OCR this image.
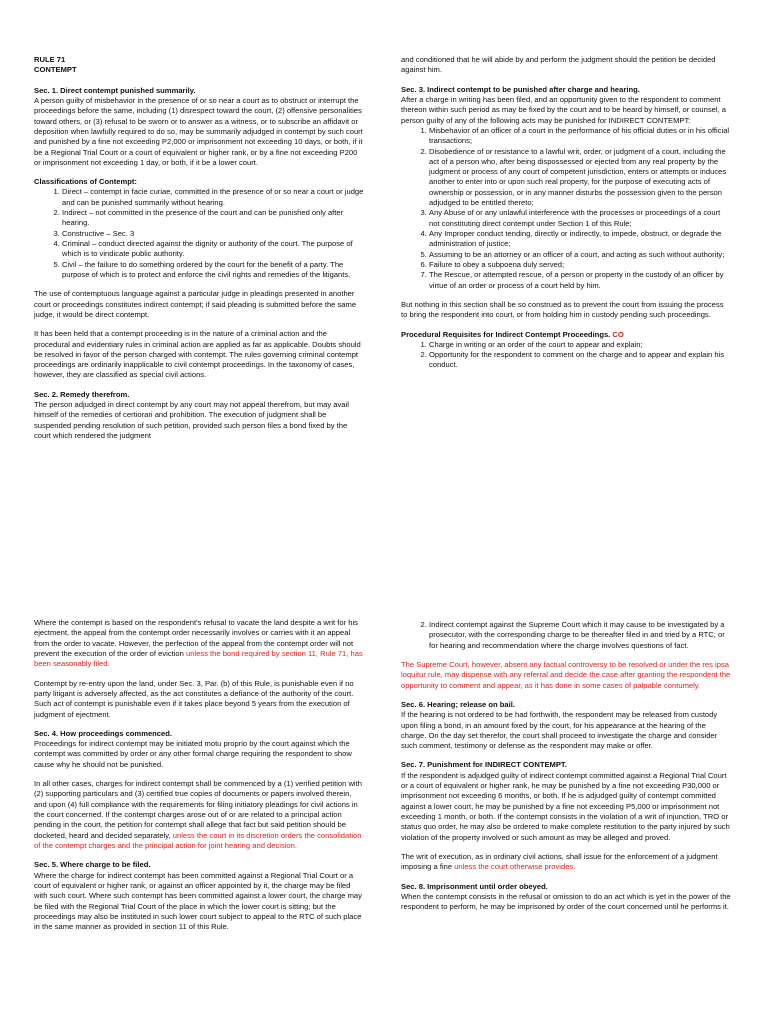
RULE 71
CONTEMPT
Sec. 1. Direct contempt punished summarily.

A person guilty of misbehavior in the presence of or so near a court as to obstruct or interrupt the proceedings before the same, including (1) disrespect toward the court, (2) offensive personalities toward others, or (3) refusal to be sworn or to answer as a witness, or to subscribe an affidavit or deposition when lawfully required to do so, may be summarily adjudged in contempt by such court and punished by a fine not exceeding P2,000 or imprisonment not exceeding 10 days, or both, if it be a Regional Trial Court or a court of equivalent or higher rank, or by a fine not exceeding P200 or imprisonment not exceeding 1 day, or both, if it be a lower court.

Classifications of Contempt:
1. Direct – contempt in facie curiae, committed in the presence of or so near a court or judge and can be punished summarily without hearing.
2. Indirect – not committed in the presence of the court and can be punished only after hearing.
3. Constructive – Sec. 3
4. Criminal – conduct directed against the dignity or authority of the court. The purpose of which is to vindicate public authority.
5. Civil – the failure to do something ordered by the court for the benefit of a party. The purpose of which is to protect and enforce the civil rights and remedies of the litigants.

The use of contemptuous language against a particular judge in pleadings presented in another court or proceedings constitutes indirect contempt; if said pleading is submitted before the same judge, it would be direct contempt.

It has been held that a contempt proceeding is in the nature of a criminal action and the procedural and evidentiary rules in criminal action are applied as far as applicable. Doubts should be resolved in favor of the person charged with contempt. The rules governing criminal contempt proceedings are ordinarily inapplicable to civil contempt proceedings. In the taxonomy of cases, however, they are classified as special civil actions.

Sec. 2. Remedy therefrom.

The person adjudged in direct contempt by any court may not appeal therefrom, but may avail himself of the remedies of certiorari and prohibition. The execution of judgment shall be suspended pending resolution of such petition, provided such person files a bond fixed by the court which rendered the judgment

and conditioned that he will abide by and perform the judgment should the petition be decided against him.

Sec. 3. Indirect contempt to be punished after charge and hearing.

After a charge in writing has been filed, and an opportunity given to the respondent to comment thereon within such period as may be fixed by the court and to be heard by himself, or counsel, a person guilty of any of the following acts may be punished for INDIRECT CONTEMPT:

1. Misbehavior of an officer of a court in the performance of his official duties or in his official transactions;
2. Disobedience of or resistance to a lawful writ, order, or judgment of a court, including the act of a person who, after being dispossessed or ejected from any real property by the judgment or process of any court of competent jurisdiction, enters or attempts or induces another to enter into or upon such real property, for the purpose of executing acts of ownership or possession, or in any manner disturbs the possession given to the person adjudged to be entitled thereto;
3. Any Abuse of or any unlawful interference with the processes or proceedings of a court not constituting direct contempt under Section 1 of this Rule;
4. Any Improper conduct tending, directly or indirectly, to impede, obstruct, or degrade the administration of justice;
5. Assuming to be an attorney or an officer of a court, and acting as such without authority;
6. Failure to obey a subpoena duly served;
7. The Rescue, or attempted rescue, of a person or property in the custody of an officer by virtue of an order or process of a court held by him.

But nothing in this section shall be so construed as to prevent the court from issuing the process to bring the respondent into court, or from holding him in custody pending such proceedings.

Procedural Requisites for Indirect Contempt Proceedings. CO
1. Charge in writing or an order of the court to appear and explain;
2. Opportunity for the respondent to comment on the charge and to appear and explain his conduct.

Where the contempt is based on the respondent's refusal to vacate the land despite a writ for his ejectment, the appeal from the contempt order necessarily involves or carries with it an appeal from the order to vacate. However, the perfection of the appeal from the contempt order will not prevent the execution of the order of eviction unless the bond required by section 11, Rule 71, has been seasonably filed.

Contempt by re-entry upon the land, under Sec. 3, Par. (b) of this Rule, is punishable even if no party litigant is adversely affected, as the act constitutes a defiance of the authority of the court. Such act of contempt is punishable even if it takes place beyond 5 years from the execution of judgment of ejectment.

Sec. 4. How proceedings commenced.

Proceedings for indirect contempt may be initiated motu proprio by the court against which the contempt was committed by order or any other formal charge requiring the respondent to show cause why he should not be punished.

In all other cases, charges for indirect contempt shall be commenced by a (1) verified petition with (2) supporting particulars and (3) certified true copies of documents or papers involved therein, and upon (4) full compliance with the requirements for filing initiatory pleadings for civil actions in the court concerned. If the contempt charges arose out of or are related to a principal action pending in the court, the petition for contempt shall allege that fact but said petition should be docketed, heard and decided separately, unless the court in its discretion orders the consolidation of the contempt charges and the principal action for joint hearing and decision.

Sec. 5. Where charge to be filed.

Where the charge for indirect contempt has been committed against a Regional Trial Court or a court of equivalent or higher rank, or against an officer appointed by it, the charge may be filed with such court. Where such contempt has been committed against a lower court, the charge may be filed with the Regional Trial Court of the place in which the lower court is sitting; but the proceedings may also be instituted in such lower court subject to appeal to the RTC of such place in the same manner as provided in section 11 of this Rule.

2. Indirect contempt against the Supreme Court which it may cause to be investigated by a prosecutor, with the corresponding charge to be thereafter filed in and tried by a RTC; or for hearing and recommendation where the charge involves questions of fact.

The Supreme Court, however, absent any factual controversy to be resolved or under the res ipsa loquitur rule, may dispense with any referral and decide the case after granting the respondent the opportunity to comment and appear, as it has done in some cases of palpable contumely.

Sec. 6. Hearing; release on bail.

If the hearing is not ordered to be had forthwith, the respondent may be released from custody upon filing a bond, in an amount fixed by the court, for his appearance at the hearing of the charge. On the day set therefor, the court shall proceed to investigate the charge and consider such comment, testimony or defense as the respondent may make or offer.

Sec. 7. Punishment for INDIRECT CONTEMPT.

If the respondent is adjudged guilty of indirect contempt committed against a Regional Trial Court or a court of equivalent or higher rank, he may be punished by a fine not exceeding P30,000 or imprisonment not exceeding 6 months, or both. If he is adjudged guilty of contempt committed against a lower court, he may be punished by a fine not exceeding P5,000 or imprisonment not exceeding 1 month, or both. If the contempt consists in the violation of a writ of injunction, TRO or status quo order, he may also be ordered to make complete restitution to the party injured by such violation of the property involved or such amount as may be alleged and proved.

The writ of execution, as in ordinary civil actions, shall issue for the enforcement of a judgment imposing a fine unless the court otherwise provides.

Sec. 8. Imprisonment until order obeyed.

When the contempt consists in the refusal or omission to do an act which is yet in the power of the respondent to perform, he may be imprisoned by order of the court concerned until he performs it.
